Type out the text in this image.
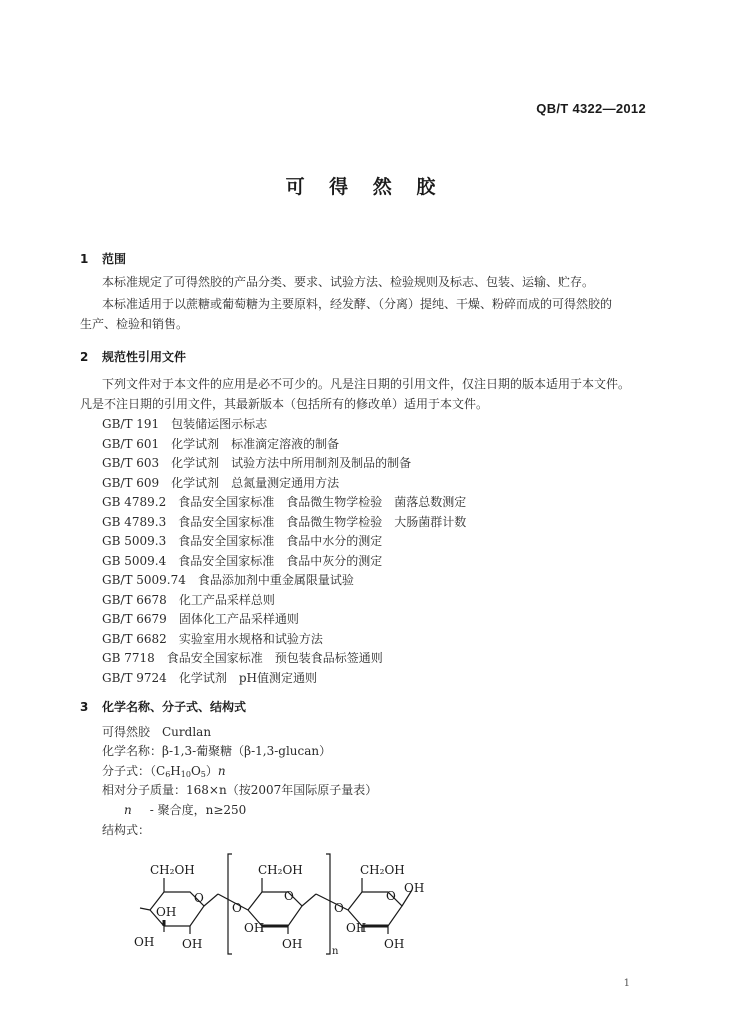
QB/T 4322—2012
可 得 然 胶
1 范围
本标准规定了可得然胶的产品分类、要求、试验方法、检验规则及标志、包装、运输、贮存。
本标准适用于以蔗糖或葡萄糖为主要原料，经发酵、（分离）提纯、干燥、粉碎而成的可得然胶的
生产、检验和销售。
2 规范性引用文件
下列文件对于本文件的应用是必不可少的。凡是注日期的引用文件，仅注日期的版本适用于本文件。
凡是不注日期的引用文件，其最新版本（包括所有的修改单）适用于本文件。
GB/T 191 包装储运图示标志
GB/T 601 化学试剂　标准滴定溶液的制备
GB/T 603 化学试剂　试验方法中所用制剂及制品的制备
GB/T 609 化学试剂　总氮量测定通用方法
GB 4789.2 食品安全国家标准　食品微生物学检验　菌落总数测定
GB 4789.3 食品安全国家标准　食品微生物学检验　大肠菌群计数
GB 5009.3 食品安全国家标准　食品中水分的测定
GB 5009.4 食品安全国家标准　食品中灰分的测定
GB/T 5009.74 食品添加剂中重金属限量试验
GB/T 6678 化工产品采样总则
GB/T 6679 固体化工产品采样通则
GB/T 6682 实验室用水规格和试验方法
GB 7718 食品安全国家标准　预包装食品标签通则
GB/T 9724 化学试剂　pH值测定通则
3 化学名称、分子式、结构式
可得然胶　Curdlan
化学名称：β-1,3-葡聚糖（β-1,3-glucan）
分子式：$(C_6H_{10}O_5)n$
相对分子质量：168×n（按2007年国际原子量表）
n - 聚合度，n≥250
结构式：
CH₂OH
OH
OH OH
O
O
CH₂OH
O
OH
OH
n
O
CH₂OH
O
OH
OH
OH
1
